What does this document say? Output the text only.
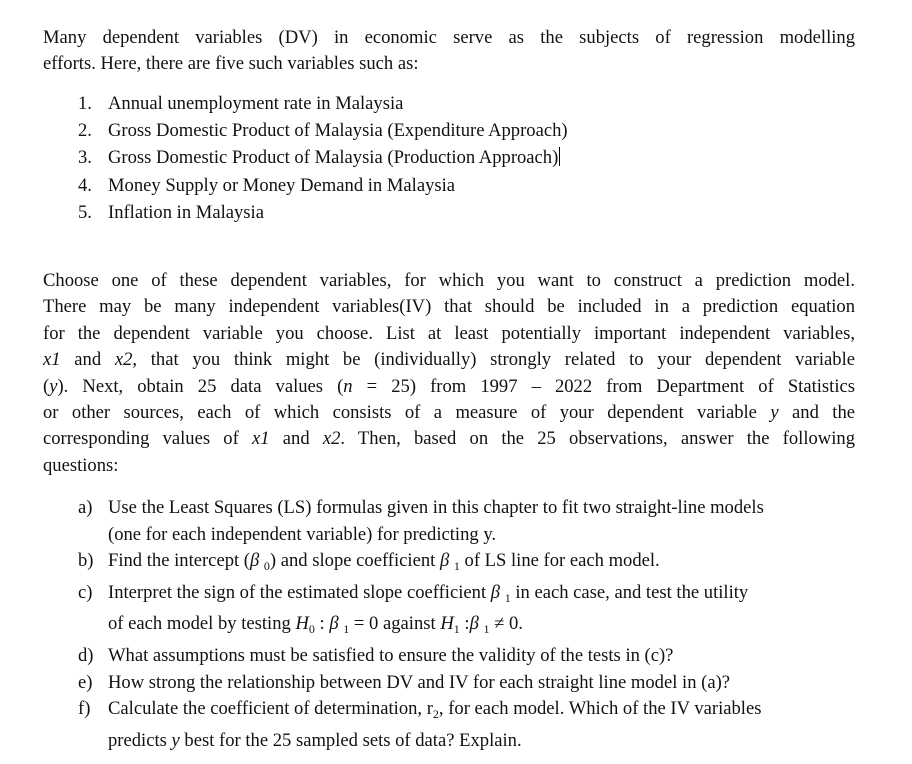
Many dependent variables (DV) in economic serve as the subjects of regression modelling
efforts. Here, there are five such variables such as:
1. Annual unemployment rate in Malaysia
2. Gross Domestic Product of Malaysia (Expenditure Approach)
3. Gross Domestic Product of Malaysia (Production Approach)
4. Money Supply or Money Demand in Malaysia
5. Inflation in Malaysia
Choose one of these dependent variables, for which you want to construct a prediction model.
There may be many independent variables(IV) that should be included in a prediction equation
for the dependent variable you choose. List at least potentially important independent variables,
x1 and x2, that you think might be (individually) strongly related to your dependent variable
(y). Next, obtain 25 data values (n = 25) from 1997 – 2022 from Department of Statistics
or other sources, each of which consists of a measure of your dependent variable y and the
corresponding values of x1 and x2. Then, based on the 25 observations, answer the following
questions:
a) Use the Least Squares (LS) formulas given in this chapter to fit two straight-line models
(one for each independent variable) for predicting y.
b) Find the intercept (β $_0$) and slope coefficient β $_1$ of LS line for each model.
c) Interpret the sign of the estimated slope coefficient β $_1$ in each case, and test the utility
of each model by testing $H_0$ : β $_1$ = 0 against $H_1$ :β $_1$ ≠ 0.
d) What assumptions must be satisfied to ensure the validity of the tests in (c)?
e) How strong the relationship between DV and IV for each straight line model in (a)?
f) Calculate the coefficient of determination, $r_2$, for each model. Which of the IV variables
predicts y best for the 25 sampled sets of data? Explain.
